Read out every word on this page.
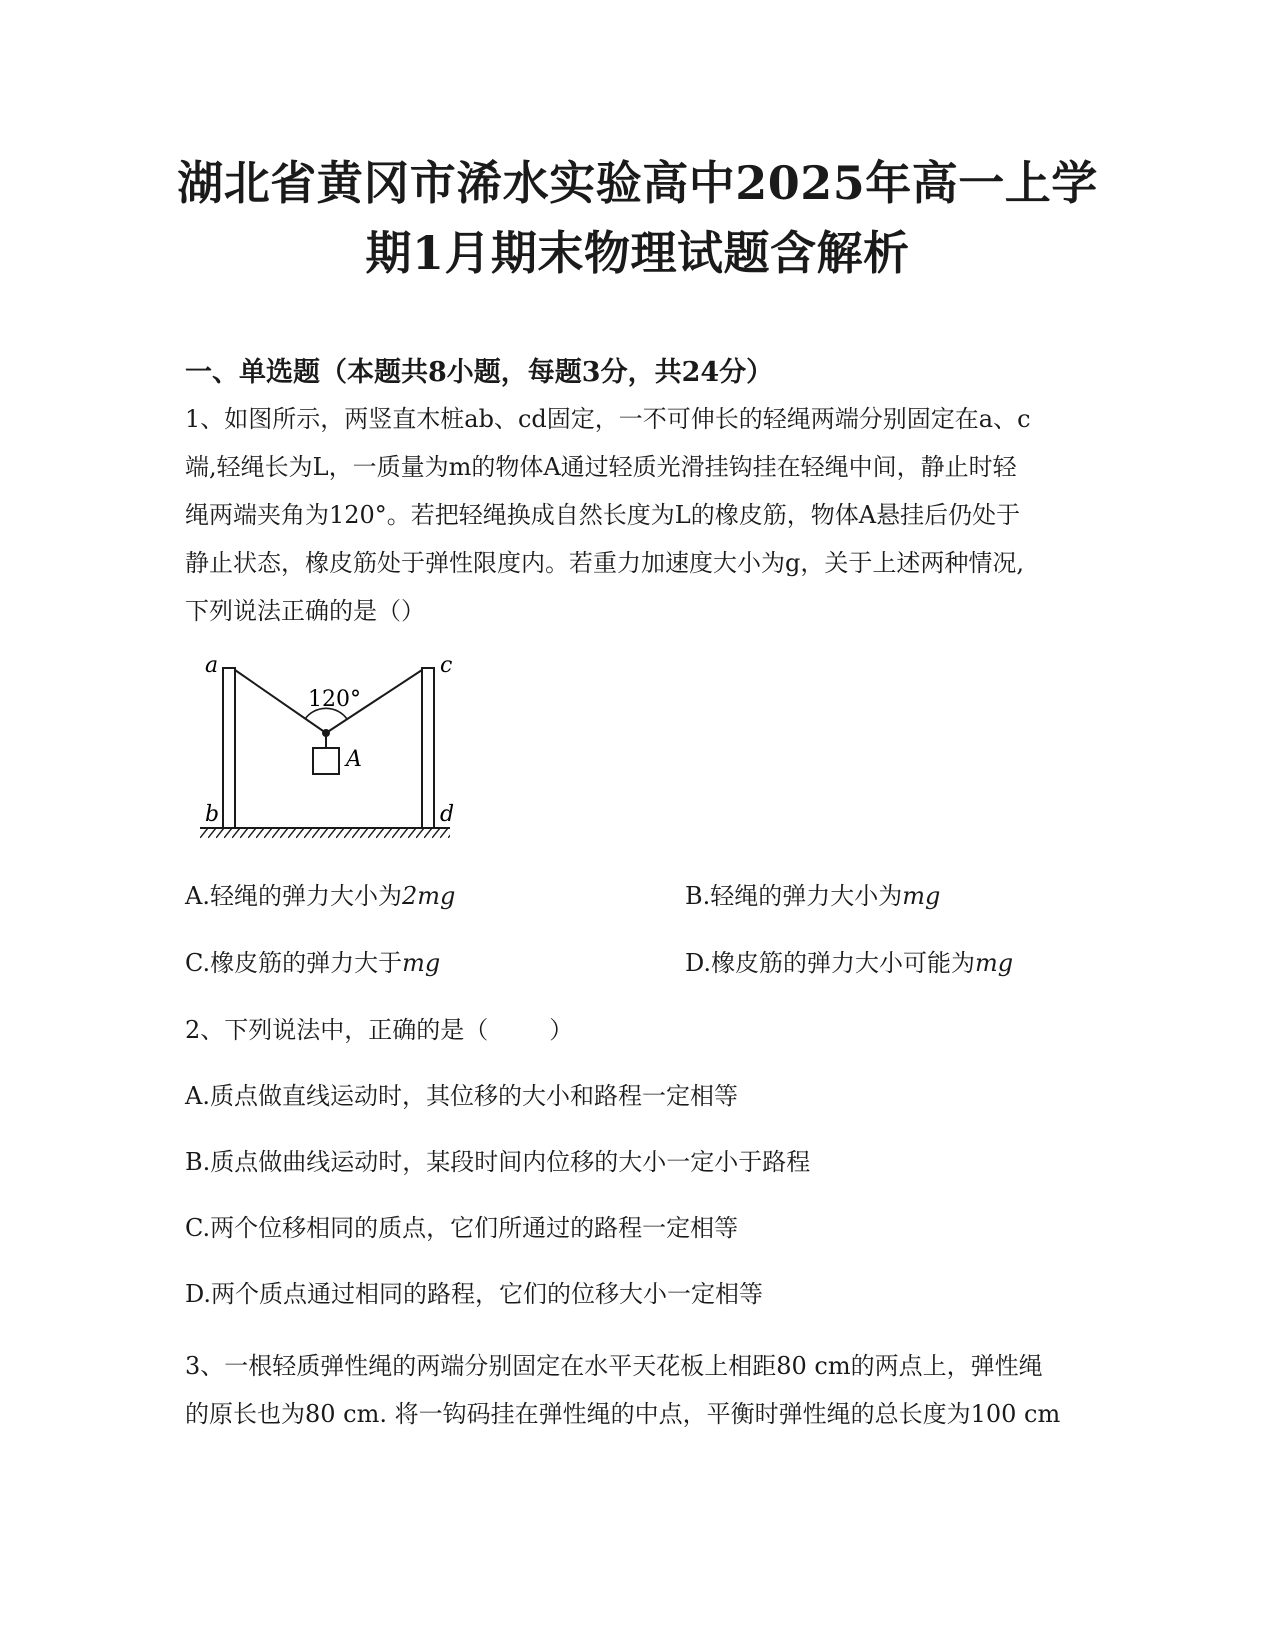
湖北省黄冈市浠水实验高中2025年高一上学
期1月期末物理试题含解析
一、单选题（本题共8小题，每题3分，共24分）
1、如图所示，两竖直木桩ab、cd固定，一不可伸长的轻绳两端分别固定在a、c
端,轻绳长为L，一质量为m的物体A通过轻质光滑挂钩挂在轻绳中间，静止时轻
绳两端夹角为120°。若把轻绳换成自然长度为L的橡皮筋，物体A悬挂后仍处于
静止状态，橡皮筋处于弹性限度内。若重力加速度大小为g，关于上述两种情况,
下列说法正确的是（）
a
b
c
d
A
120°
A.轻绳的弹力大小为2mg	B.轻绳的弹力大小为mg
C.橡皮筋的弹力大于mg	D.橡皮筋的弹力大小可能为mg
2、下列说法中，正确的是（        ）
A.质点做直线运动时，其位移的大小和路程一定相等
B.质点做曲线运动时，某段时间内位移的大小一定小于路程
C.两个位移相同的质点，它们所通过的路程一定相等
D.两个质点通过相同的路程，它们的位移大小一定相等
3、一根轻质弹性绳的两端分别固定在水平天花板上相距80 cm的两点上，弹性绳
的原长也为80 cm. 将一钩码挂在弹性绳的中点，平衡时弹性绳的总长度为100 cm
